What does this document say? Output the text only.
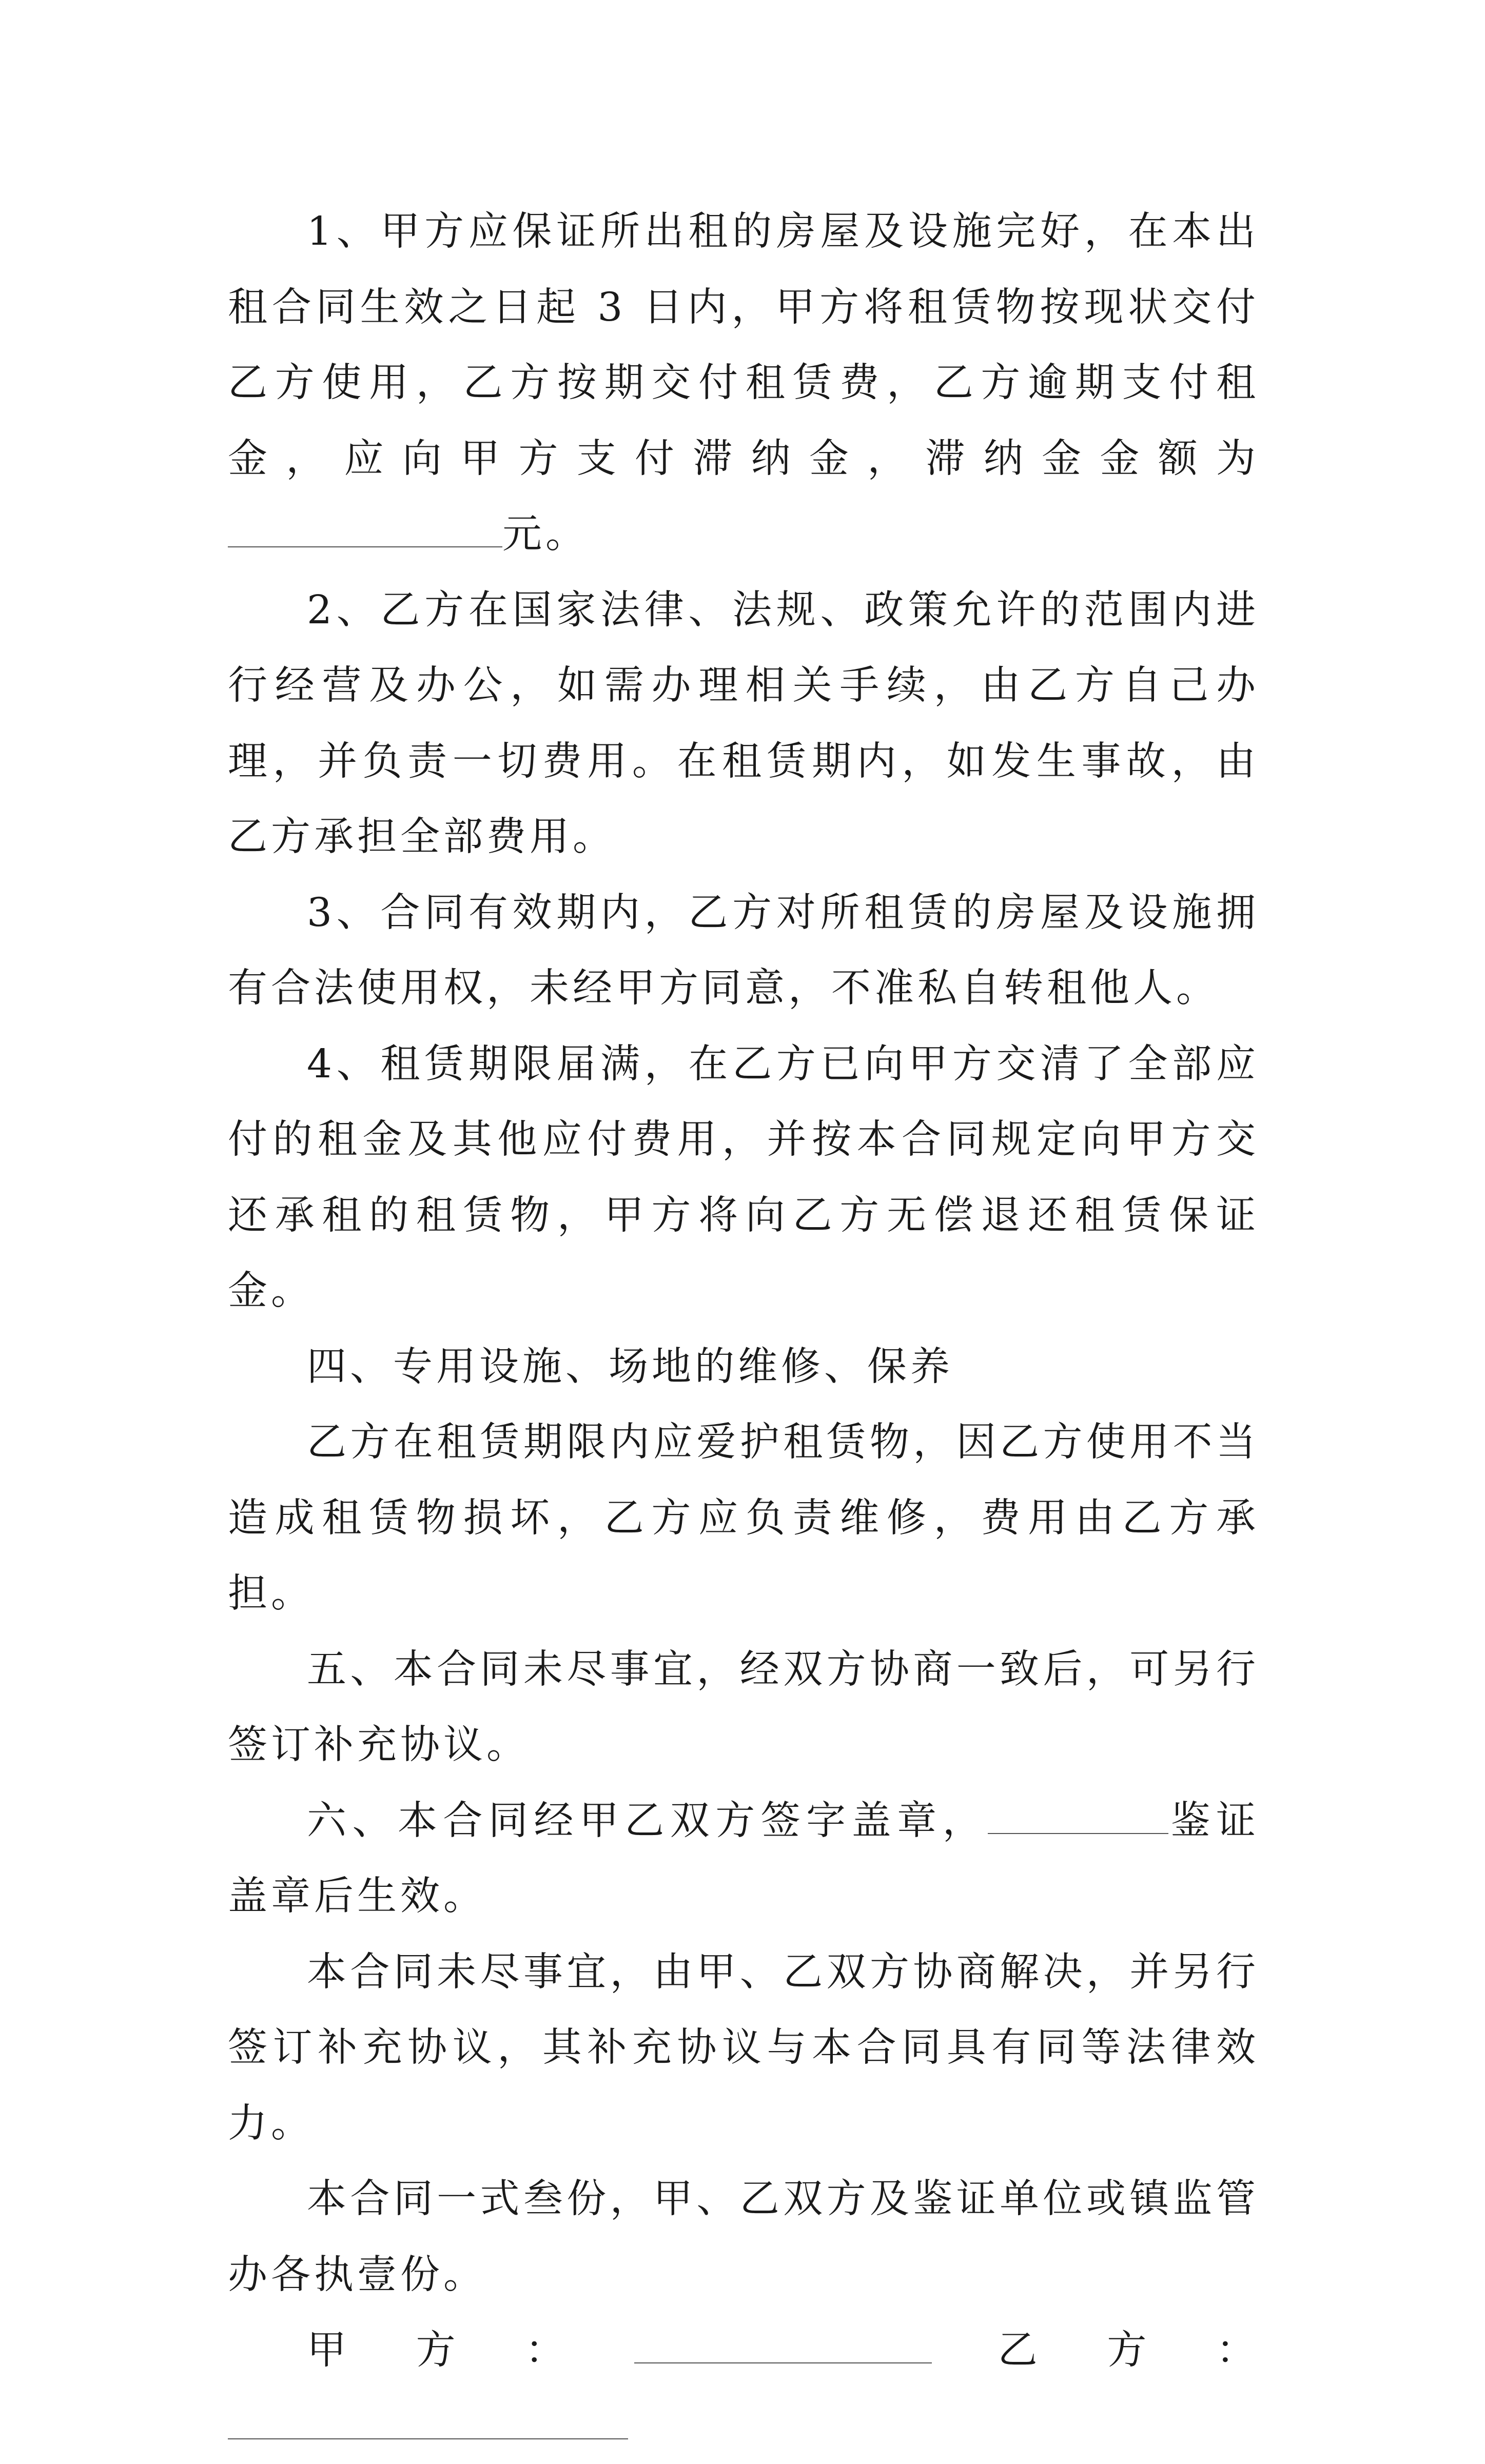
1、甲方应保证所出租的房屋及设施完好，在本出租合同生效之日起 3 日内，甲方将租赁物按现状交付乙方使用，乙方按期交付租赁费，乙方逾期支付租金，应向甲方支付滞纳金，滞纳金金额为元。

2、乙方在国家法律、法规、政策允许的范围内进行经营及办公，如需办理相关手续，由乙方自己办理，并负责一切费用。在租赁期内，如发生事故，由乙方承担全部费用。

3、合同有效期内，乙方对所租赁的房屋及设施拥有合法使用权，未经甲方同意，不准私自转租他人。

4、租赁期限届满，在乙方已向甲方交清了全部应付的租金及其他应付费用，并按本合同规定向甲方交还承租的租赁物，甲方将向乙方无偿退还租赁保证金。

四、专用设施、场地的维修、保养

乙方在租赁期限内应爱护租赁物，因乙方使用不当造成租赁物损坏，乙方应负责维修，费用由乙方承担。

五、本合同未尽事宜，经双方协商一致后，可另行签订补充协议。

六、本合同经甲乙双方签字盖章，	鉴证盖章后生效。

本合同未尽事宜，由甲、乙双方协商解决，并另行签订补充协议，其补充协议与本合同具有同等法律效力。

本合同一式叁份，甲、乙双方及鉴证单位或镇监管办各执壹份。

甲方：	乙方：
